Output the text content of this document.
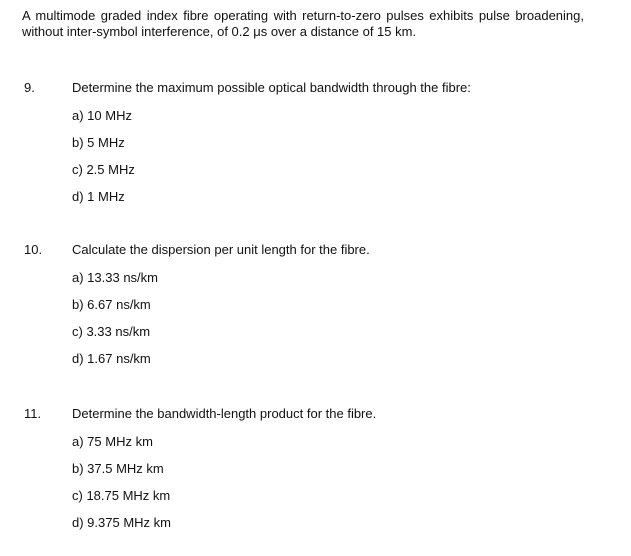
A multimode graded index fibre operating with return-to-zero pulses exhibits pulse broadening, without inter-symbol interference, of 0.2 μs over a distance of 15 km.
9.	Determine the maximum possible optical bandwidth through the fibre:
a) 10 MHz
b) 5 MHz
c) 2.5 MHz
d) 1 MHz
10. Calculate the dispersion per unit length for the fibre.
a) 13.33 ns/km
b) 6.67 ns/km
c) 3.33 ns/km
d) 1.67 ns/km
11. Determine the bandwidth-length product for the fibre.
a) 75 MHz km
b) 37.5 MHz km
c) 18.75 MHz km
d) 9.375 MHz km
